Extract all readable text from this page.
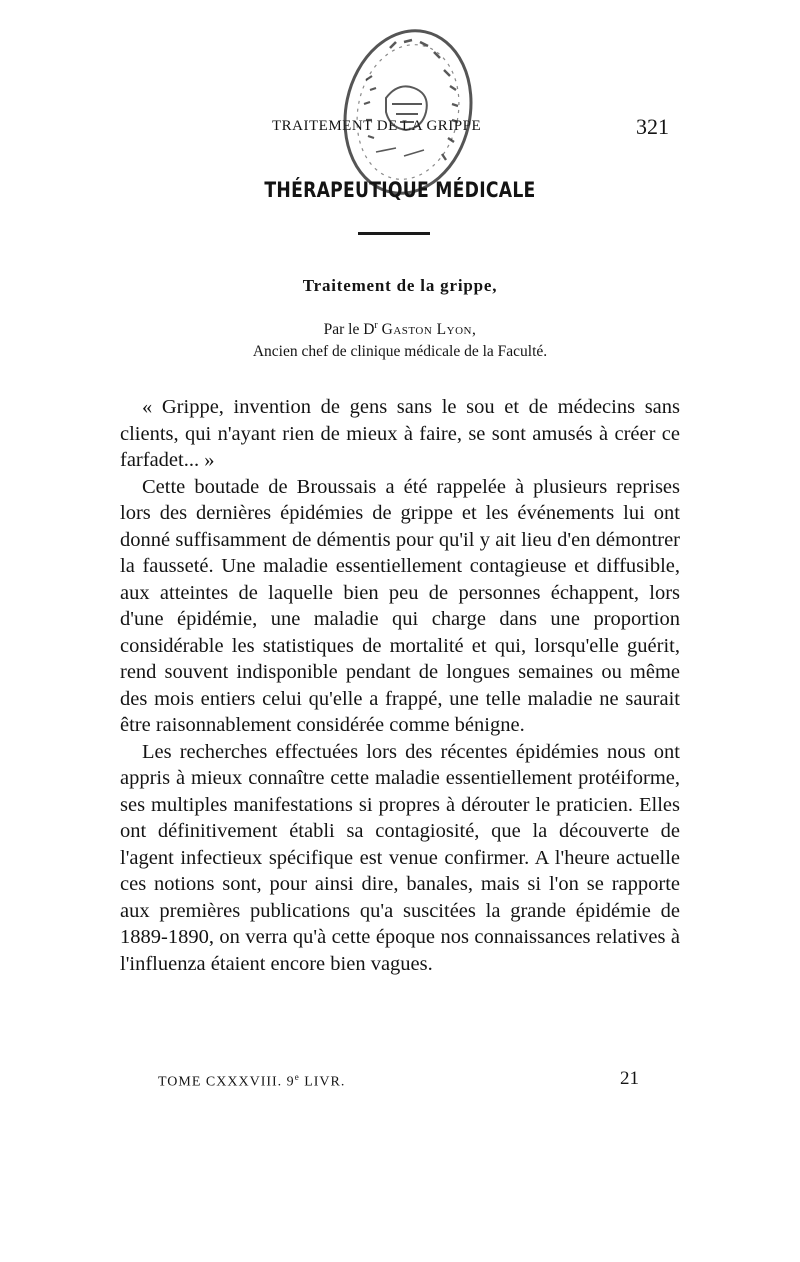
TRAITEMENT DE LA GRIPPE	321
THÉRAPEUTIQUE MÉDICALE
Traitement de la grippe,
Par le $D^r$ Gaston Lyon,
Ancien chef de clinique médicale de la Faculté.

« Grippe, invention de gens sans le sou et de médecins sans clients, qui n'ayant rien de mieux à faire, se sont amusés à créer ce farfadet... »

Cette boutade de Broussais a été rappelée à plusieurs reprises lors des dernières épidémies de grippe et les événements lui ont donné suffisamment de démentis pour qu'il y ait lieu d'en démontrer la fausseté. Une maladie essentiellement contagieuse et diffusible, aux atteintes de laquelle bien peu de personnes échappent, lors d'une épidémie, une maladie qui charge dans une proportion considérable les statistiques de mortalité et qui, lorsqu'elle guérit, rend souvent indisponible pendant de longues semaines ou même des mois entiers celui qu'elle a frappé, une telle maladie ne saurait être raisonnablement considérée comme bénigne.

Les recherches effectuées lors des récentes épidémies nous ont appris à mieux connaître cette maladie essentiellement protéiforme, ses multiples manifestations si propres à dérouter le praticien. Elles ont définitivement établi sa contagiosité, que la découverte de l'agent infectieux spécifique est venue confirmer. A l'heure actuelle ces notions sont, pour ainsi dire, banales, mais si l'on se rapporte aux premières publications qu'a suscitées la grande épidémie de 1889-1890, on verra qu'à cette époque nos connaissances relatives à l'influenza étaient encore bien vagues.

TOME CXXXVIII. 9e LIVR.	21
